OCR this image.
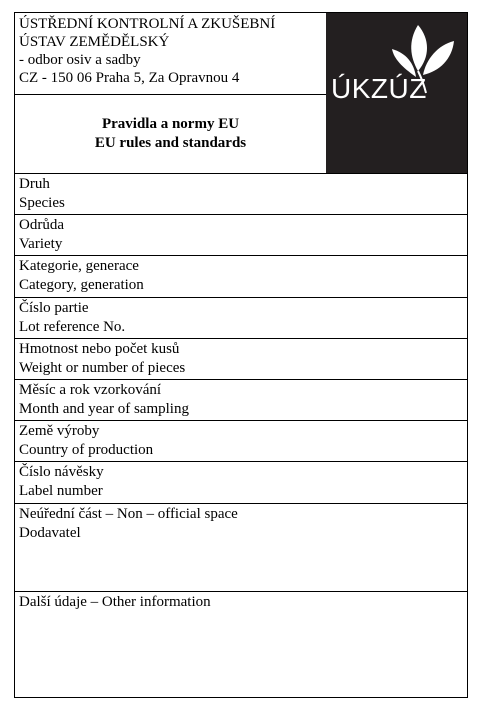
ÚSTŘEDNÍ KONTROLNÍ A ZKUŠEBNÍ
ÚSTAV ZEMĚDĚLSKÝ
- odbor osiv a sadby
CZ - 150 06 Praha 5, Za Opravnou 4
Pravidla a normy EU
EU rules and standards
ÚKZÚZ
Druh
Species
Odrůda
Variety
Kategorie, generace
Category, generation
Číslo partie
Lot reference No.
Hmotnost nebo počet kusů
Weight or number of pieces
Měsíc a rok vzorkování
Month and year of sampling
Země výroby
Country of production
Číslo návěsky
Label number
Neúřední část – Non – official space
Dodavatel
Další údaje – Other information
